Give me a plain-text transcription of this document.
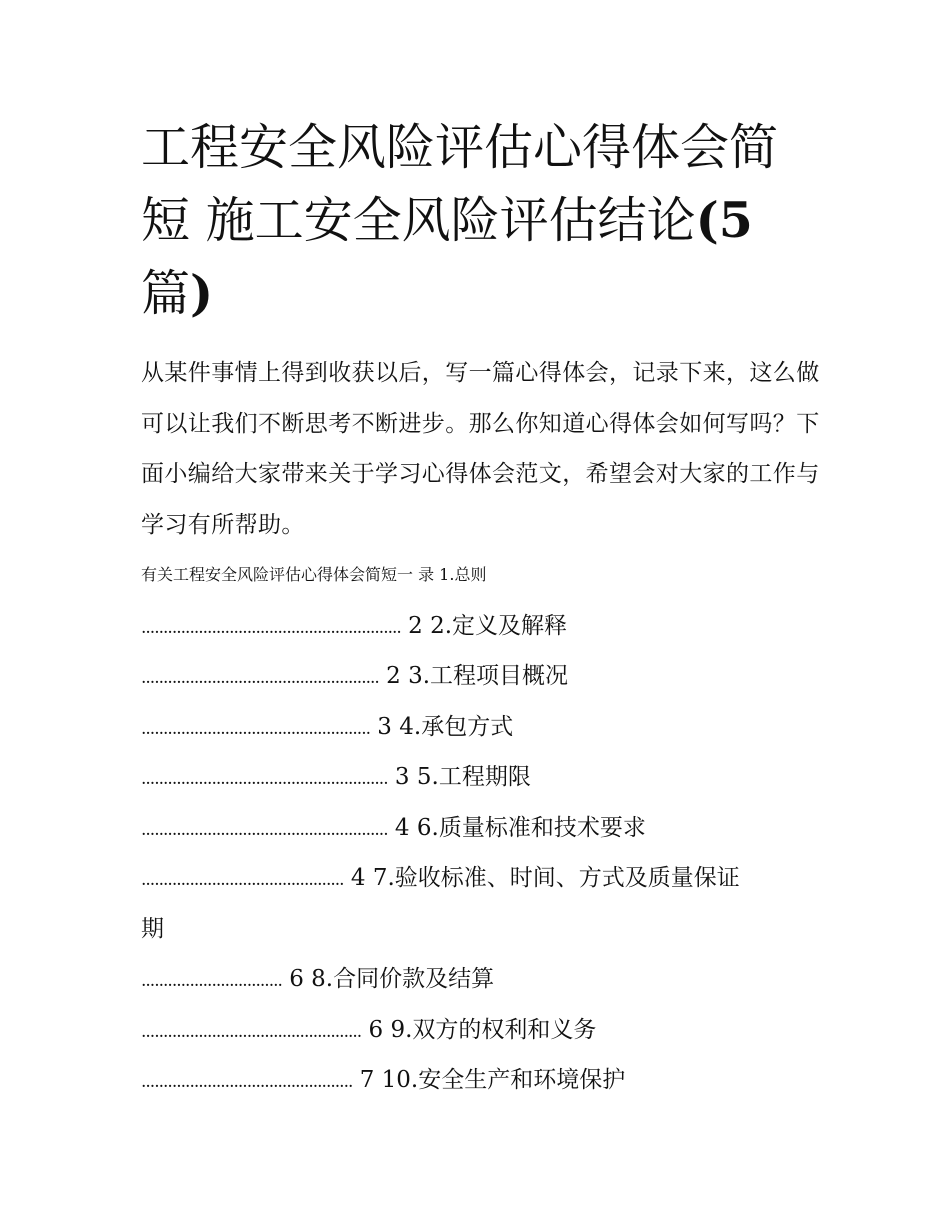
工程安全风险评估心得体会简
短 施工安全风险评估结论(5
篇)

从某件事情上得到收获以后，写一篇心得体会，记录下来，这么做可以让我们不断思考不断进步。那么你知道心得体会如何写吗？下面小编给大家带来关于学习心得体会范文，希望会对大家的工作与学习有所帮助。

有关工程安全风险评估心得体会简短一 录 1.总则
........................................................... 2 2.定义及解释
...................................................... 2 3.工程项目概况
.................................................... 3 4.承包方式
........................................................ 3 5.工程期限
........................................................ 4 6.质量标准和技术要求
.............................................. 4 7.验收标准、时间、方式及质量保证
期
................................ 6 8.合同价款及结算
.................................................. 6 9.双方的权利和义务
................................................ 7 10.安全生产和环境保护
